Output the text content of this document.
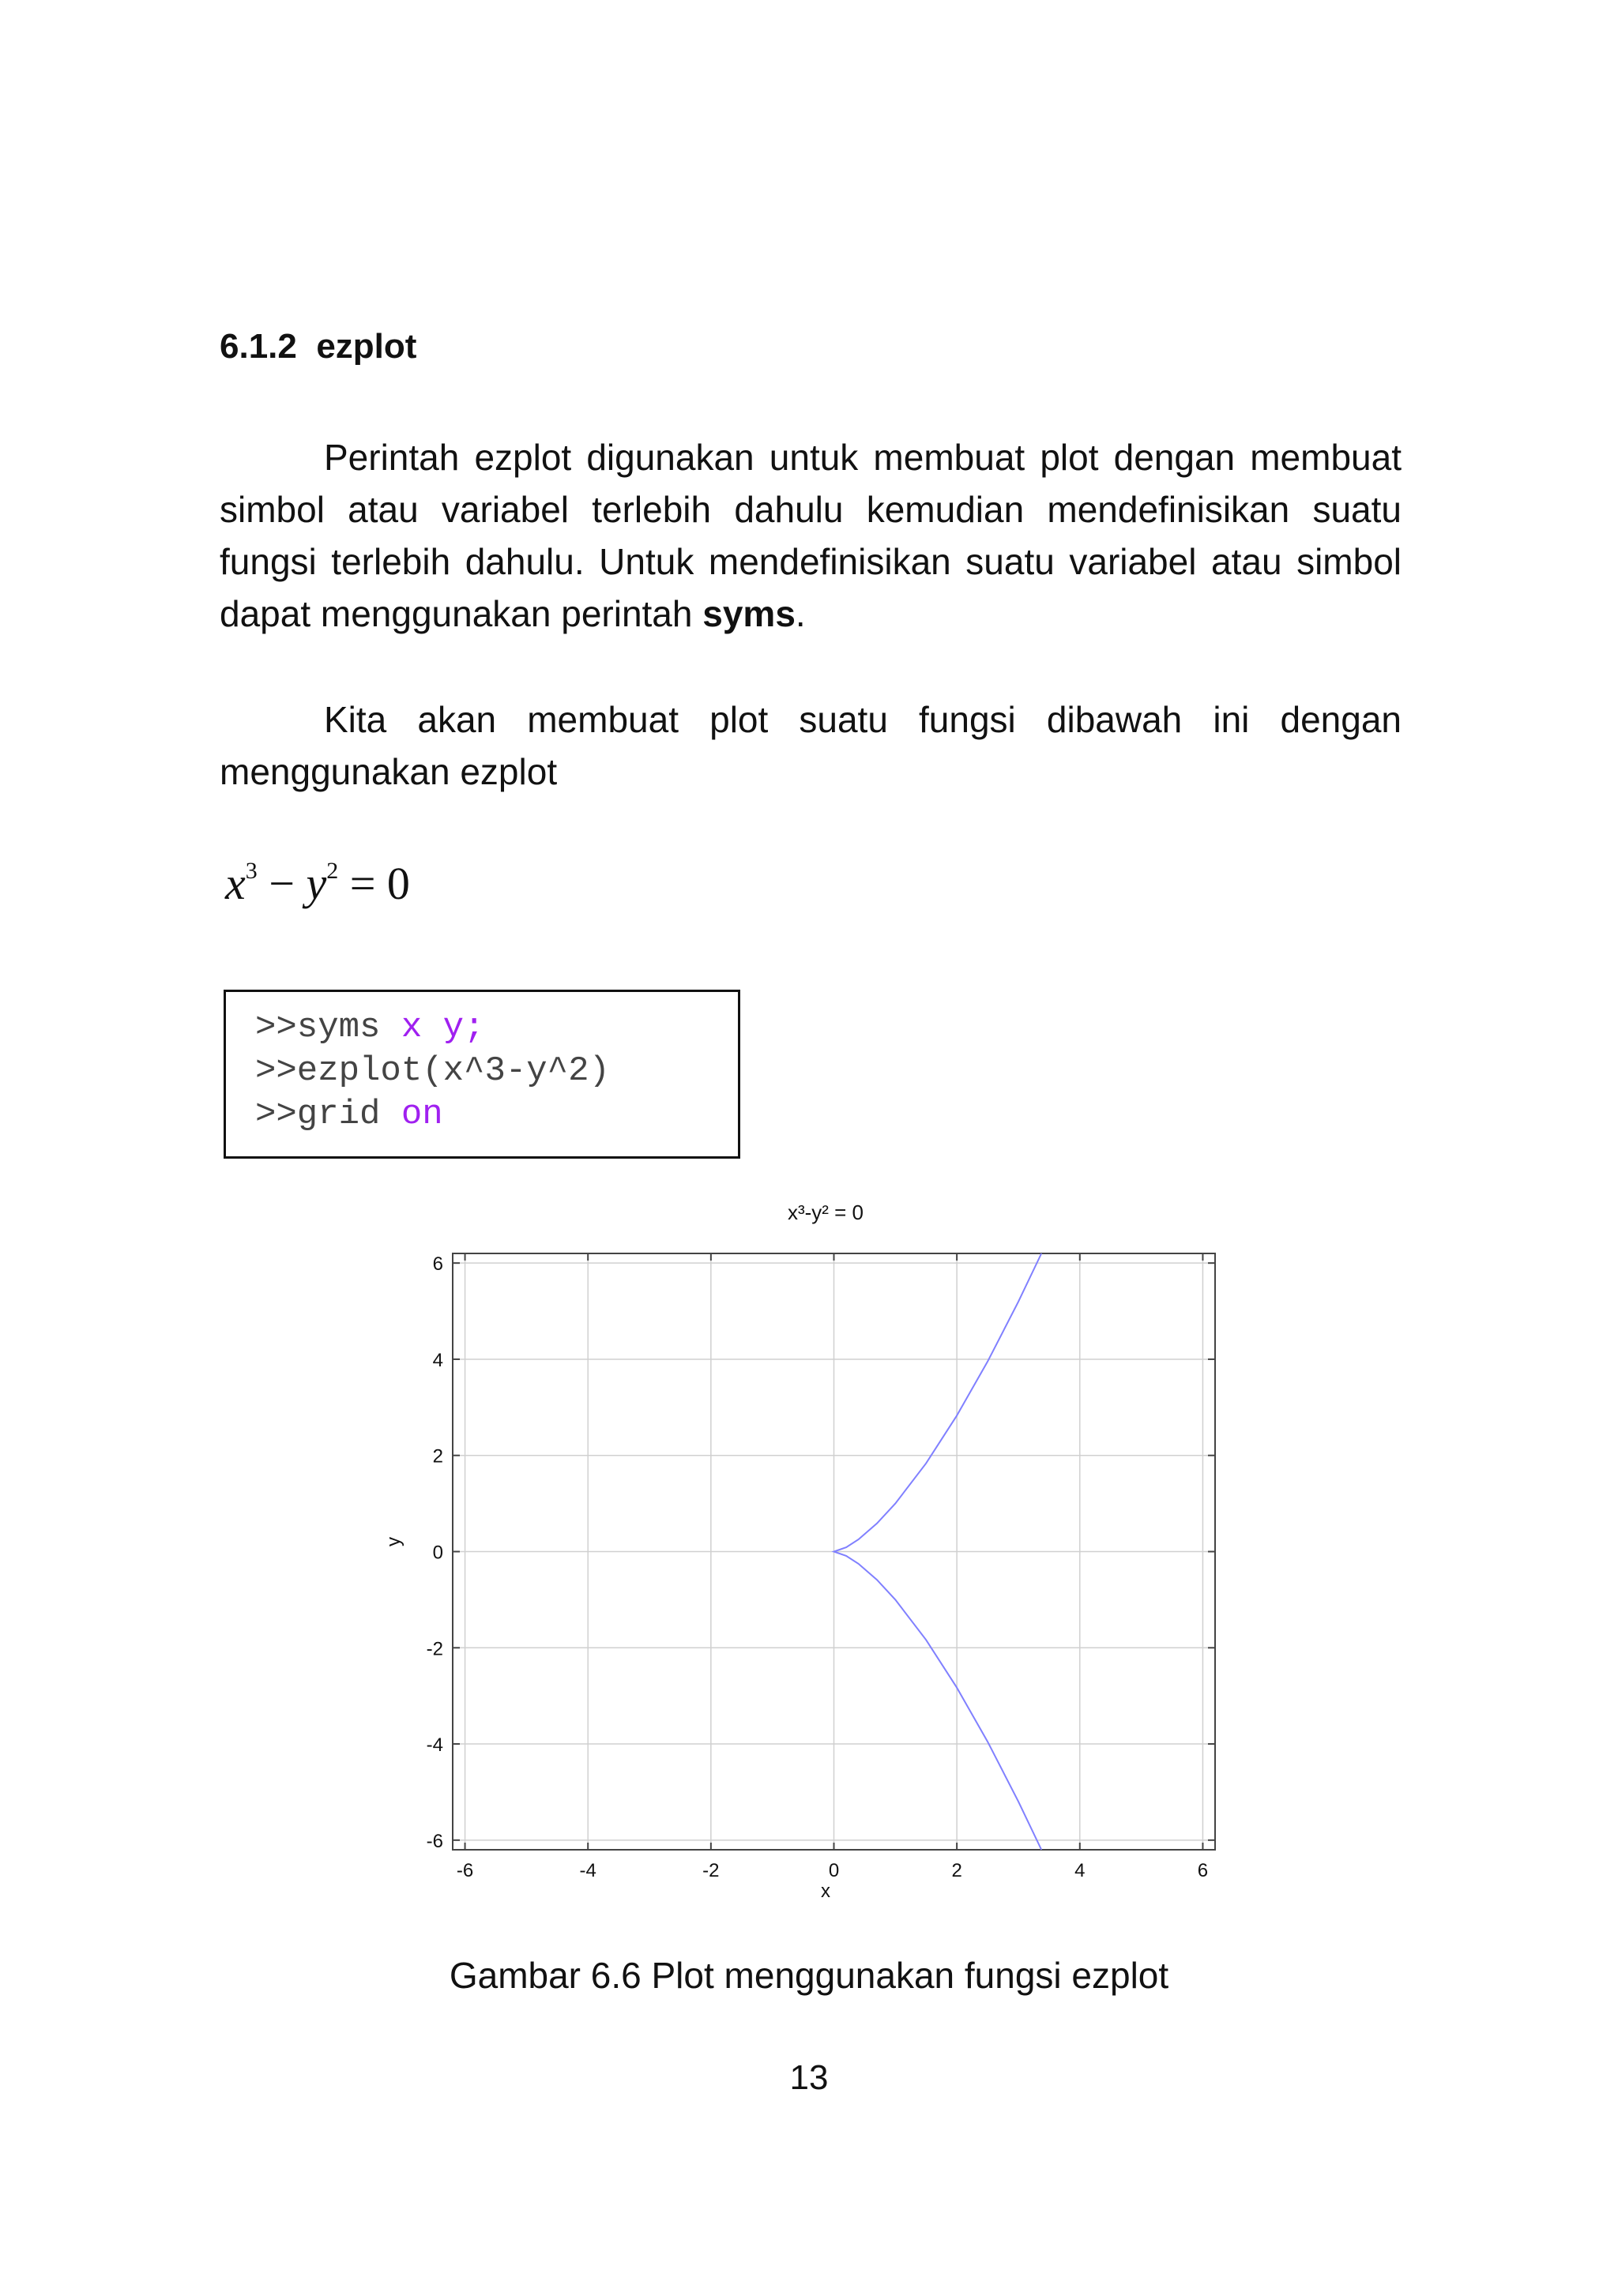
6.1.2 ezplot

Perintah ezplot digunakan untuk membuat plot dengan membuat simbol atau variabel terlebih dahulu kemudian mendefinisikan suatu fungsi terlebih dahulu. Untuk mendefinisikan suatu variabel atau simbol dapat menggunakan perintah syms.

Kita akan membuat plot suatu fungsi dibawah ini dengan menggunakan ezplot

$x^3 - y^2 = 0$
>>syms x y;
>>ezplot(x^3-y^2)
>>grid on
x³-y² = 0
-6	-4	-2	0	2	4	6
-6
-4
-2
0
2
4
6
x
y

Gambar 6.6 Plot menggunakan fungsi ezplot

13
